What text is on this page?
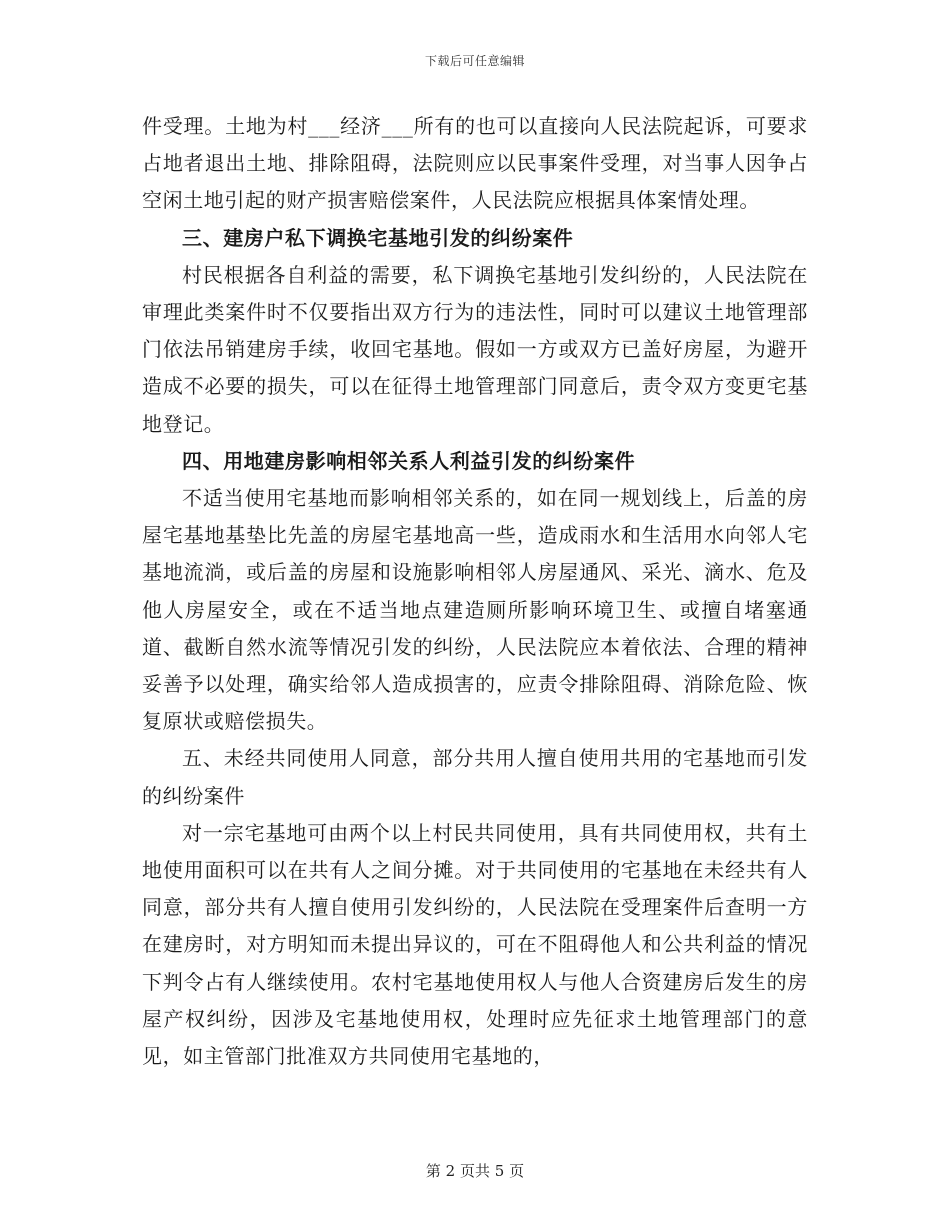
下载后可任意编辑

件受理。土地为村___经济___所有的也可以直接向人民法院起诉，可要求占地者退出土地、排除阻碍，法院则应以民事案件受理，对当事人因争占空闲土地引起的财产损害赔偿案件，人民法院应根据具体案情处理。

三、建房户私下调换宅基地引发的纠纷案件

村民根据各自利益的需要，私下调换宅基地引发纠纷的，人民法院在审理此类案件时不仅要指出双方行为的违法性，同时可以建议土地管理部门依法吊销建房手续，收回宅基地。假如一方或双方已盖好房屋，为避开造成不必要的损失，可以在征得土地管理部门同意后，责令双方变更宅基地登记。

四、用地建房影响相邻关系人利益引发的纠纷案件

不适当使用宅基地而影响相邻关系的，如在同一规划线上，后盖的房屋宅基地基垫比先盖的房屋宅基地高一些，造成雨水和生活用水向邻人宅基地流淌，或后盖的房屋和设施影响相邻人房屋通风、采光、滴水、危及他人房屋安全，或在不适当地点建造厕所影响环境卫生、或擅自堵塞通道、截断自然水流等情况引发的纠纷，人民法院应本着依法、合理的精神妥善予以处理，确实给邻人造成损害的，应责令排除阻碍、消除危险、恢复原状或赔偿损失。

五、未经共同使用人同意，部分共用人擅自使用共用的宅基地而引发的纠纷案件

对一宗宅基地可由两个以上村民共同使用，具有共同使用权，共有土地使用面积可以在共有人之间分摊。对于共同使用的宅基地在未经共有人同意，部分共有人擅自使用引发纠纷的，人民法院在受理案件后查明一方在建房时，对方明知而未提出异议的，可在不阻碍他人和公共利益的情况下判令占有人继续使用。农村宅基地使用权人与他人合资建房后发生的房屋产权纠纷，因涉及宅基地使用权，处理时应先征求土地管理部门的意见，如主管部门批准双方共同使用宅基地的，

第 2 页共 5 页
